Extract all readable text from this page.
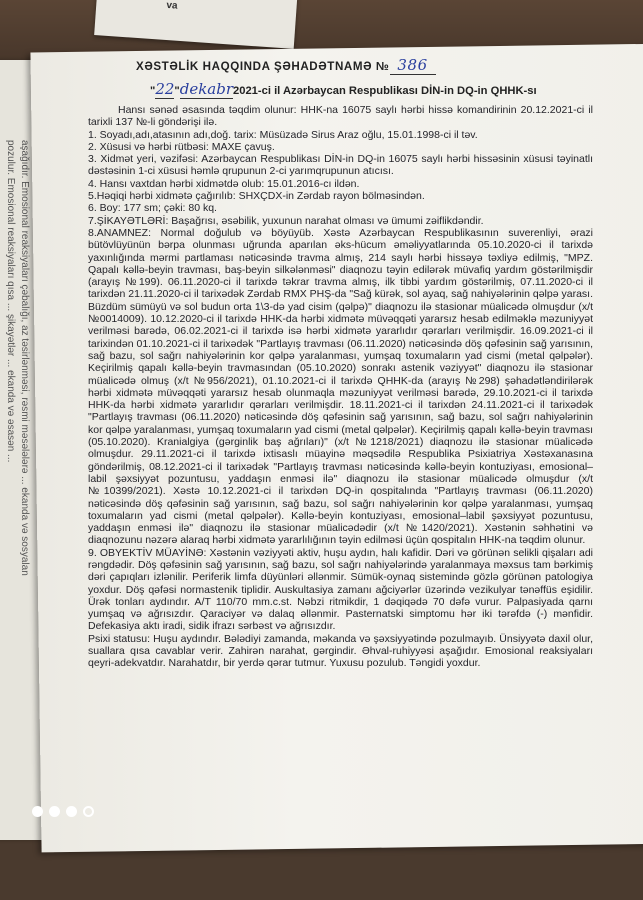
va
aşağıdır. Emosional reaksiyaları çəbalığı, az təsirlənməsi, rəsmi məsələlərə ... ekanda və sosyalan
pozulur. Emosional reaksiyaları qısa ... şikayətlər ... ekanda və əsasən ...
XƏSTƏLİK HAQQINDA ŞƏHADƏTNAMƏ № 386
"22"dekabr2021-ci il Azərbaycan Respublikası DİN-in DQ-in QHHK-sı

Hansı sənəd əsasında təqdim olunur: HHK-na 16075 saylı hərbi hissə komandirinin 20.12.2021-ci il tarixli 137 №-li göndərişi ilə.

1. Soyadı,adı,atasının adı,doğ. tarix: Müsüzadə Sirus Araz oğlu, 15.01.1998-ci il təv.

2. Xüsusi və hərbi rütbəsi: MAXE çavuş.

3. Xidmət yeri, vəzifəsi: Azərbaycan Respublikası DİN-in DQ-in 16075 saylı hərbi hissəsinin xüsusi təyinatlı dəstəsinin 1-ci xüsusi həmlə qrupunun 2-ci yarımqrupunun atıcısı.

4. Hansı vaxtdan hərbi xidmətdə olub: 15.01.2016-cı ildən.

5.Həqiqi hərbi xidmətə çağırılıb: SHXÇDX-in Zərdab rayon bölməsindən.

6. Boy: 177 sm; çəki: 80 kq.

7.ŞİKAYƏTLƏRİ: Başağrısı, əsəbilik, yuxunun narahat olması və ümumi zəiflikdəndir.

8.ANAMNEZ: Normal doğulub və böyüyüb. Xəstə Azərbaycan Respublikasının suverenliyi, ərazi bütövlüyünün bərpa olunması uğrunda aparılan əks-hücum əməliyyatlarında 05.10.2020-ci il tarixdə yaxınlığında mərmi partlaması nəticəsində travma almış, 214 saylı hərbi hissəyə təxliyə edilmiş, "MPZ. Qapalı kəllə-beyin travması, baş-beyin silkələnməsi" diaqnozu təyin edilərək müvafiq yardım göstərilmişdir (arayış №199). 06.11.2020-ci il tarixdə təkrar travma almış, ilk tibbi yardım göstərilmiş, 07.11.2020-ci il tarixdən 21.11.2020-ci il tarixədək Zərdab RMX PHŞ-da "Sağ kürək, sol ayaq, sağ nahiyələrinin qəlpə yarası. Büzdüm sümüyü və sol budun orta 1\3-də yad cisim (qəlpə)" diaqnozu ilə stasionar müalicədə olmuşdur (x/t №0014009). 10.12.2020-ci il tarixdə HHK-da hərbi xidmətə müvəqqəti yararsız hesab edilməklə məzuniyyət verilməsi barədə, 06.02.2021-ci il tarixdə isə hərbi xidmətə yararlıdır qərarları verilmişdir. 16.09.2021-ci il tarixindən 01.10.2021-ci il tarixədək "Partlayış travması (06.11.2020) nəticəsində döş qəfəsinin sağ yarısının, sağ bazu, sol sağrı nahiyələrinin kor qəlpə yaralanması, yumşaq toxumaların yad cismi (metal qəlpələr). Keçirilmiş qapalı kəllə-beyin travmasından (05.10.2020) sonrakı astenik vəziyyət" diaqnozu ilə stasionar müalicədə olmuş (x/t №956/2021), 01.10.2021-ci il tarixdə QHHK-da (arayış №298) şəhadətləndirilərək hərbi xidmətə müvəqqəti yararsız hesab olunmaqla məzuniyyət verilməsi barədə, 29.10.2021-ci il tarixdə HHK-da hərbi xidmətə yararlıdır qərarları verilmişdir. 18.11.2021-ci il tarixdən 24.11.2021-ci il tarixədək "Partlayış travması (06.11.2020) nəticəsində döş qəfəsinin sağ yarısının, sağ bazu, sol sağrı nahiyələrinin kor qəlpə yaralanması, yumşaq toxumaların yad cismi (metal qəlpələr). Keçirilmiş qapalı kəllə-beyin travması (05.10.2020). Kranialgiya (gərginlik baş ağrıları)" (x/t №1218/2021) diaqnozu ilə stasionar müalicədə olmuşdur. 29.11.2021-ci il tarixdə ixtisaslı müayinə məqsədilə Respublika Psixiatriya Xəstəxanasına göndərilmiş, 08.12.2021-ci il tarixədək "Partlayış travması nəticəsində kəllə-beyin kontuziyası, emosional–labil şəxsiyyət pozuntusu, yaddaşın enməsi ilə" diaqnozu ilə stasionar müalicədə olmuşdur (x/t №10399/2021). Xəstə 10.12.2021-ci il tarixdən DQ-in qospitalında "Partlayış travması (06.11.2020) nəticəsində döş qəfəsinin sağ yarısının, sağ bazu, sol sağrı nahiyələrinin kor qəlpə yaralanması, yumşaq toxumaların yad cismi (metal qəlpələr). Kəllə-beyin kontuziyası, emosional–labil şəxsiyyət pozuntusu, yaddaşın enməsi ilə" diaqnozu ilə stasionar müalicədədir (x/t №1420/2021). Xəstənin səhhətini və diaqnozunu nəzərə alaraq hərbi xidmətə yararlılığının təyin edilməsi üçün qospitalın HHK-na təqdim olunur.

9. OBYEKTİV MÜAYİNƏ: Xəstənin vəziyyəti aktiv, huşu aydın, halı kafidir. Dəri və görünən selikli qişaları adi rəngdədir. Döş qəfəsinin sağ yarısının, sağ bazu, sol sağrı nahiyələrində yaralanmaya məxsus tam bərkimiş dəri çapıqları izlənilir. Periferik limfa düyünləri əllənmir. Sümük-oynaq sistemində gözlə görünən patologiya yoxdur. Döş qəfəsi normastenik tiplidir. Auskultasiya zamanı ağciyərlər üzərində vezikulyar tənəffüs eşidilir. Ürək tonları aydındır. A/T 110/70 mm.c.st. Nəbzi ritmikdir, 1 dəqiqədə 70 dəfə vurur. Palpasiyada qarnı yumşaq və ağrısızdır. Qaraciyər və dalaq əllənmir. Pasternatski simptomu hər iki tərəfdə (-) mənfidir. Defekasiya aktı iradi, sidik ifrazı sərbəst və ağrısızdır.

Psixi statusu: Huşu aydındır. Bələdiyi zamanda, məkanda və şəxsiyyətində pozulmayıb. Ünsiyyətə daxil olur, suallara qısa cavablar verir. Zahirən narahat, gərgindir. Əhval-ruhiyyəsi aşağıdır. Emosional reaksiyaları qeyri-adekvatdır. Narahatdır, bir yerdə qərar tutmur. Yuxusu pozulub. Təngidi yoxdur.
